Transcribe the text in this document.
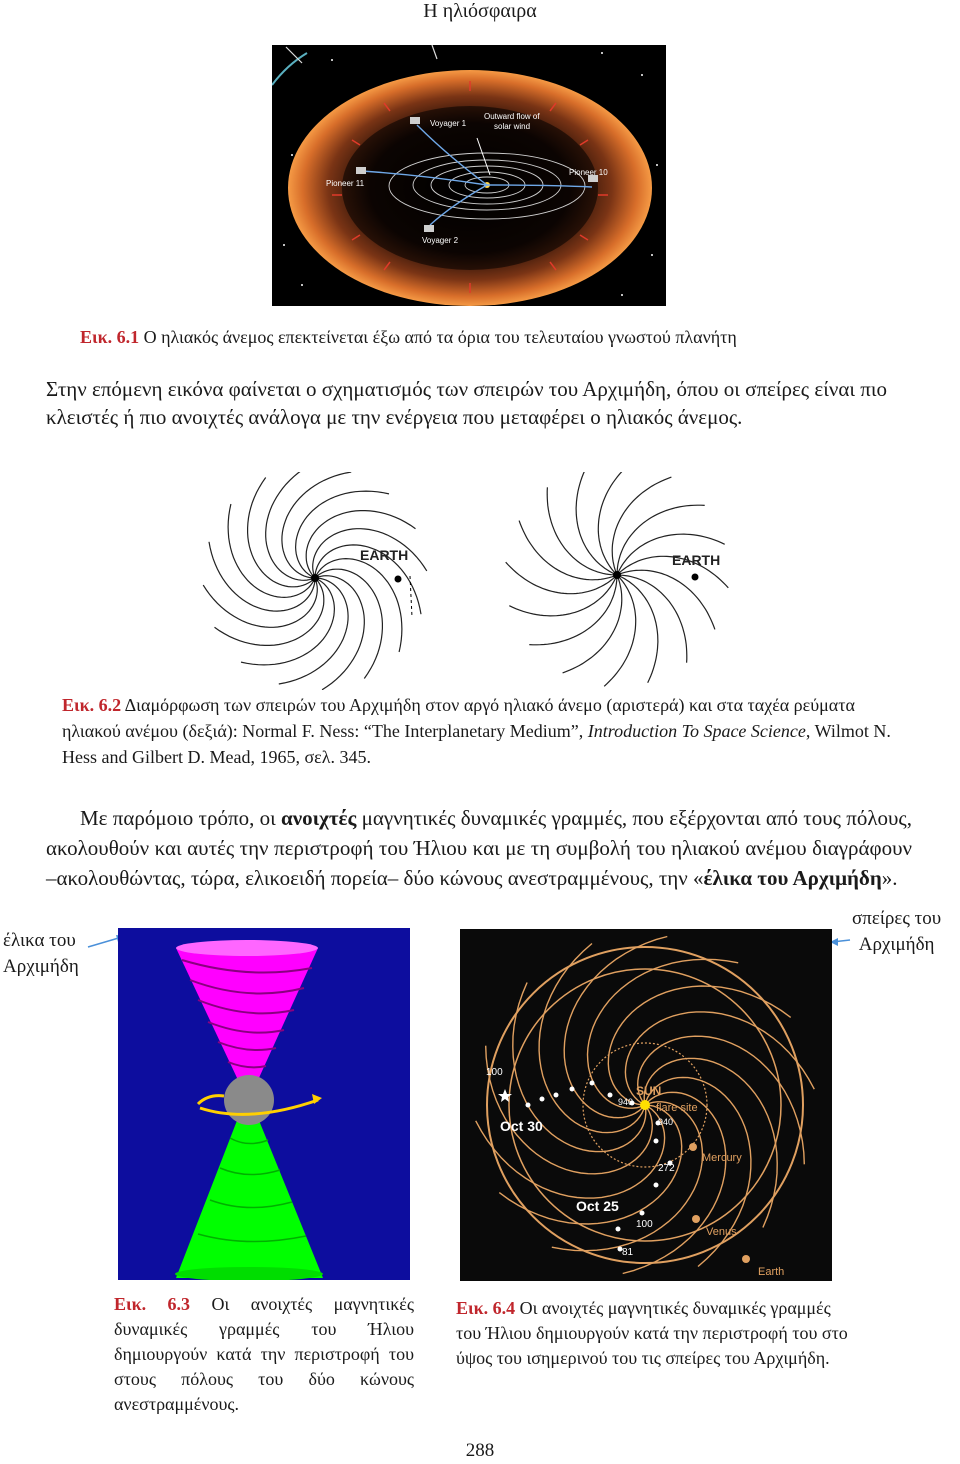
Η ηλιόσφαιρα
Voyager 1
Outward flow of
solar wind
Pioneer 11
Pioneer 10
Voyager 2
Εικ. 6.1 Ο ηλιακός άνεμος επεκτείνεται έξω από τα όρια του τελευταίου γνωστού πλανήτη
Στην επόμενη εικόνα φαίνεται ο σχηματισμός των σπειρών του Αρχιμήδη, όπου οι σπείρες είναι πιο κλειστές ή πιο ανοιχτές ανάλογα με την ενέργεια που μεταφέρει ο ηλιακός άνεμος.
EARTH	EARTH
Εικ. 6.2 Διαμόρφωση των σπειρών του Αρχιμήδη στον αργό ηλιακό άνεμο (αριστερά) και στα ταχέα ρεύματα ηλιακού ανέμου (δεξιά): Normal F. Ness: “The Interplanetary Medium”, Introduction To Space Science, Wilmot N. Hess and Gilbert D. Mead, 1965, σελ. 345.
Με παρόμοιο τρόπο, οι ανοιχτές μαγνητικές δυναμικές γραμμές, που εξέρχονται από τους πόλους, ακολουθούν και αυτές την περιστροφή του Ήλιου και με τη συμβολή του ηλιακού ανέμου διαγράφουν –ακολουθώντας, τώρα, ελικοειδή πορεία– δύο κώνους ανεστραμμένους, την «έλικα του Αρχιμήδη».
έλικα του
Αρχιμήδη
σπείρες του
Αρχιμήδη
SUN
flare site
940
940
100
Oct 30
272
Mercury
Oct 25
100
81
Venus
Earth
Εικ. 6.3 Οι ανοιχτές μαγνητικές δυναμικές γραμμές του Ήλιου δημιουργούν κατά την περιστροφή του στους πόλους του δύο κώνους ανεστραμμένους.
Εικ. 6.4 Οι ανοιχτές μαγνητικές δυναμικές γραμμές του Ήλιου δημιουργούν κατά την περιστροφή του στο ύψος του ισημερινού του τις σπείρες του Αρχιμήδη.
288
